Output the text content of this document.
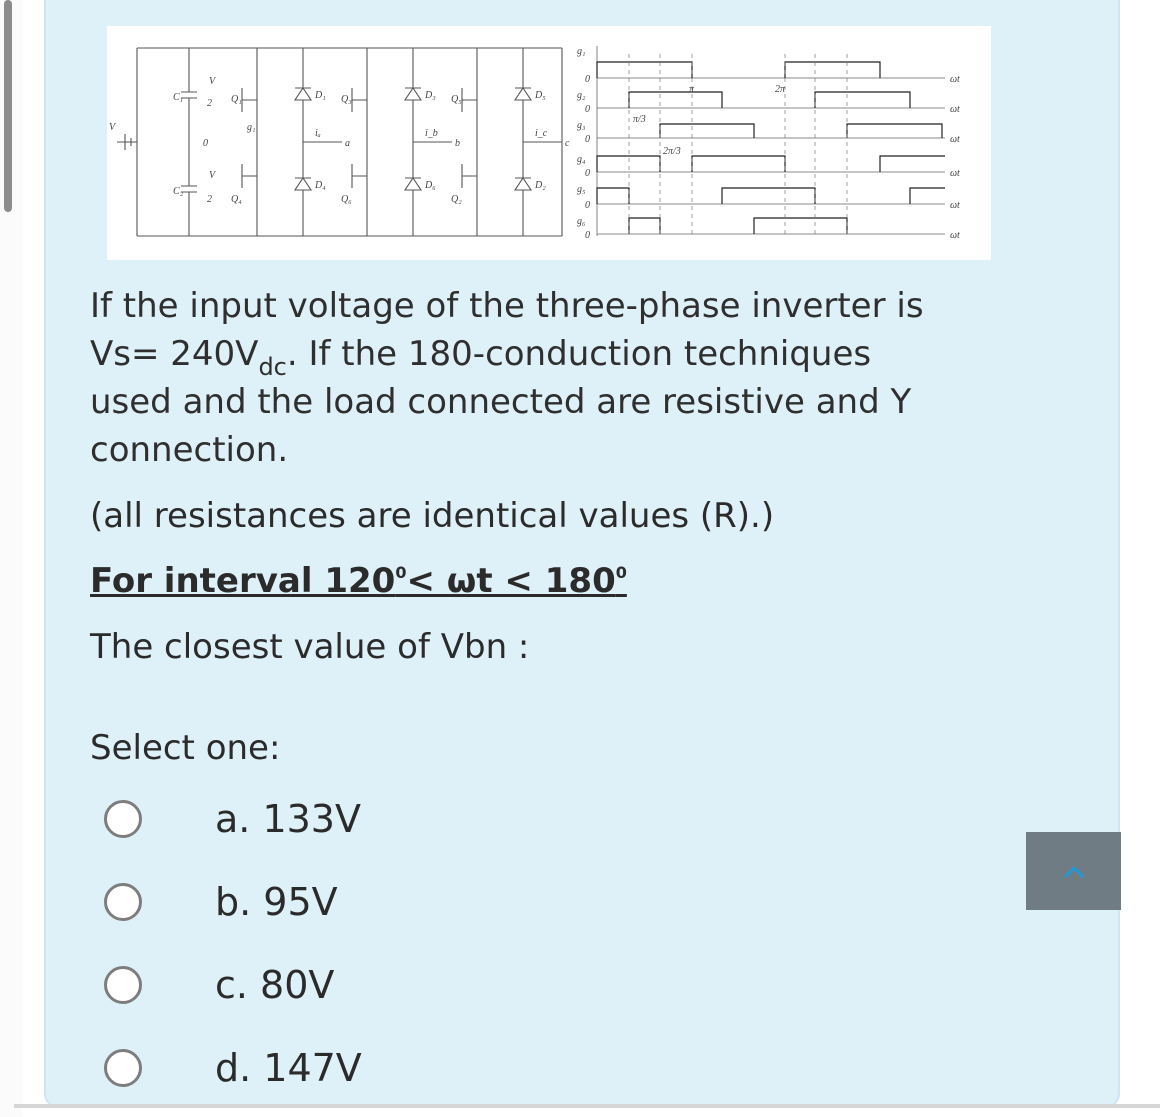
C₁
C₂
V
2
2
V
0
V
Q₁
Q₄
Q₃
Q₆
Q₅
Q₂
D₁	D₃	D₅
D₄	D₆	D₂
g₁
iₐ	i_b	i_c
a	b	c
g₁
g₂
g₃
g₄
g₅
g₆
0
0
0
0
0
0
ωt
ωt
ωt
ωt
ωt
ωt
π/3
2π/3
π	2π
If the input voltage of the three-phase inverter is
$Vs= 240V_{dc}$. If the 180-conduction techniques
used and the load connected are resistive and Y
connection.
(all resistances are identical values (R).)
For interval $120^0< \omega t < 180^0$
The closest value of Vbn :
Select one:
a. 133V
b. 95V
c. 80V
d. 147V
